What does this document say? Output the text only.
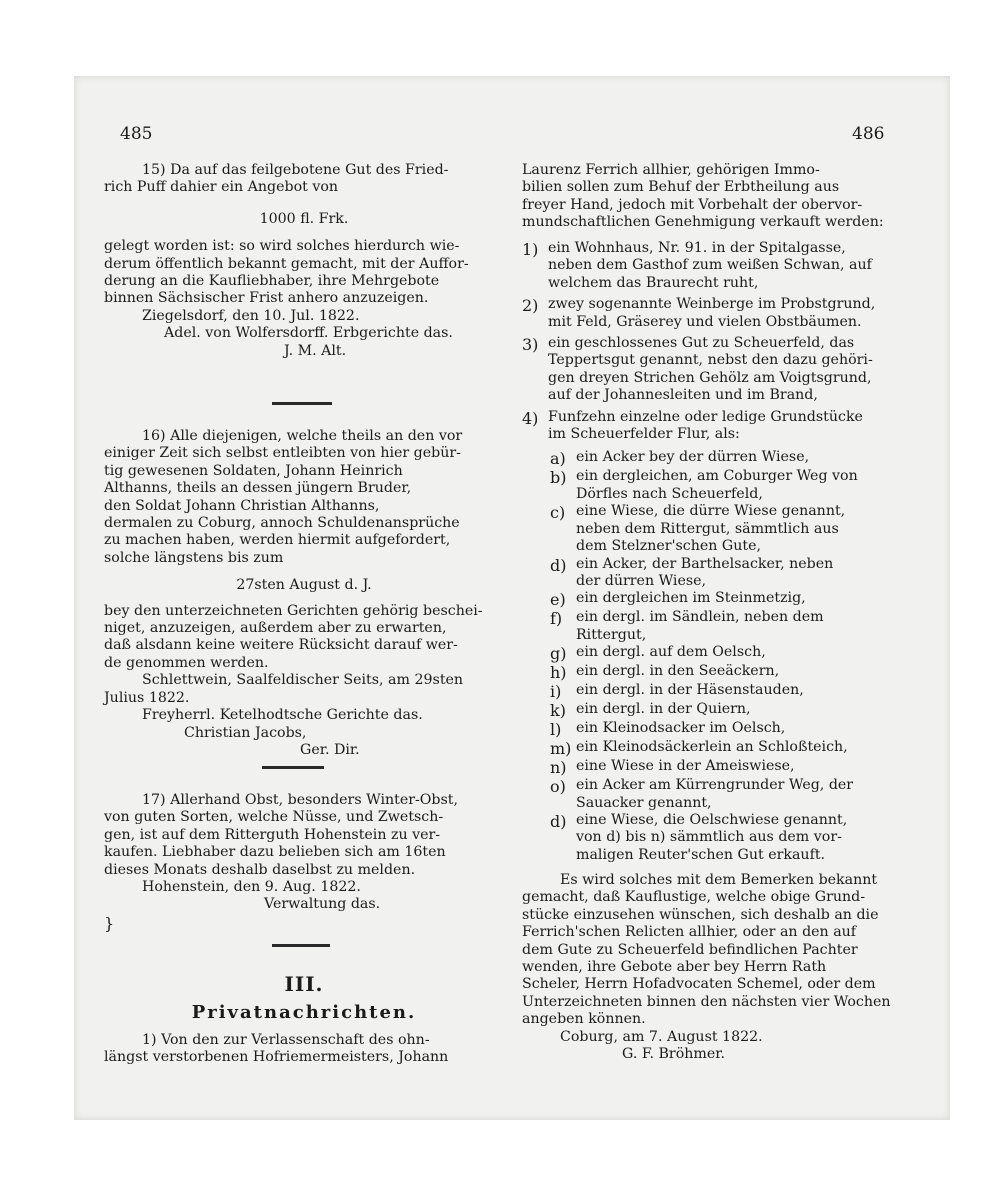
485	486

15) Da auf das feilgebotene Gut des Fried-

rich Puff dahier ein Angebot von

1000 fl. Frk.

gelegt worden ist: so wird solches hierdurch wie-

derum öffentlich bekannt gemacht, mit der Auffor-

derung an die Kaufliebhaber, ihre Mehrgebote

binnen Sächsischer Frist anhero anzuzeigen.

Ziegelsdorf, den 10. Jul. 1822.

Adel. von Wolfersdorff. Erbgerichte das.

J. M. Alt.

16) Alle diejenigen, welche theils an den vor

einiger Zeit sich selbst entleibten von hier gebür-

tig gewesenen Soldaten, Johann Heinrich

Althanns, theils an dessen jüngern Bruder,

den Soldat Johann Christian Althanns,

dermalen zu Coburg, annoch Schuldenansprüche

zu machen haben, werden hiermit aufgefordert,

solche längstens bis zum

27sten August d. J.

bey den unterzeichneten Gerichten gehörig beschei-

niget, anzuzeigen, außerdem aber zu erwarten,

daß alsdann keine weitere Rücksicht darauf wer-

de genommen werden.

Schlettwein, Saalfeldischer Seits, am 29sten

Julius 1822.

Freyherrl. Ketelhodtsche Gerichte das.

Christian Jacobs,

Ger. Dir.

17) Allerhand Obst, besonders Winter-Obst,

von guten Sorten, welche Nüsse, und Zwetsch-

gen, ist auf dem Ritterguth Hohenstein zu ver-

kaufen. Liebhaber dazu belieben sich am 16ten

dieses Monats deshalb daselbst zu melden.

Hohenstein, den 9. Aug. 1822.

Verwaltung das.

}
III.
Privatnachrichten.

1) Von den zur Verlassenschaft des ohn-

längst verstorbenen Hofriemermeisters, Johann

Laurenz Ferrich allhier, gehörigen Immo-

bilien sollen zum Behuf der Erbtheilung aus

freyer Hand, jedoch mit Vorbehalt der obervor-

mundschaftlichen Genehmigung verkauft werden:

1) ein Wohnhaus, Nr. 91. in der Spitalgasse,

neben dem Gasthof zum weißen Schwan, auf

welchem das Braurecht ruht,

2) zwey sogenannte Weinberge im Probstgrund,

mit Feld, Gräserey und vielen Obstbäumen.

3) ein geschlossenes Gut zu Scheuerfeld, das

Teppertsgut genannt, nebst den dazu gehöri-

gen dreyen Strichen Gehölz am Voigtsgrund,

auf der Johannesleiten und im Brand,

4) Funfzehn einzelne oder ledige Grundstücke

im Scheuerfelder Flur, als:

a) ein Acker bey der dürren Wiese,

b) ein dergleichen, am Coburger Weg von

Dörfles nach Scheuerfeld,

c) eine Wiese, die dürre Wiese genannt,

neben dem Rittergut, sämmtlich aus

dem Stelzner'schen Gute,

d) ein Acker, der Barthelsacker, neben

der dürren Wiese,

e) ein dergleichen im Steinmetzig,

f) ein dergl. im Sändlein, neben dem

Rittergut,

g) ein dergl. auf dem Oelsch,

h) ein dergl. in den Seeäckern,

i)	ein dergl. in der Häsenstauden,

k) ein dergl. in der Quiern,

l)	ein Kleinodsacker im Oelsch,

m) ein Kleinodsäckerlein an Schloßteich,

n) eine Wiese in der Ameiswiese,

o) ein Acker am Kürrengrunder Weg, der

Sauacker genannt,

d) eine Wiese, die Oelschwiese genannt,

von d) bis n) sämmtlich aus dem vor-

maligen Reuter'schen Gut erkauft.

Es wird solches mit dem Bemerken bekannt

gemacht, daß Kauflustige, welche obige Grund-

stücke einzusehen wünschen, sich deshalb an die

Ferrich'schen Relicten allhier, oder an den auf

dem Gute zu Scheuerfeld befindlichen Pachter

wenden, ihre Gebote aber bey Herrn Rath

Scheler, Herrn Hofadvocaten Schemel, oder dem

Unterzeichneten binnen den nächsten vier Wochen

angeben können.

Coburg, am 7. August 1822.

G. F. Bröhmer.
